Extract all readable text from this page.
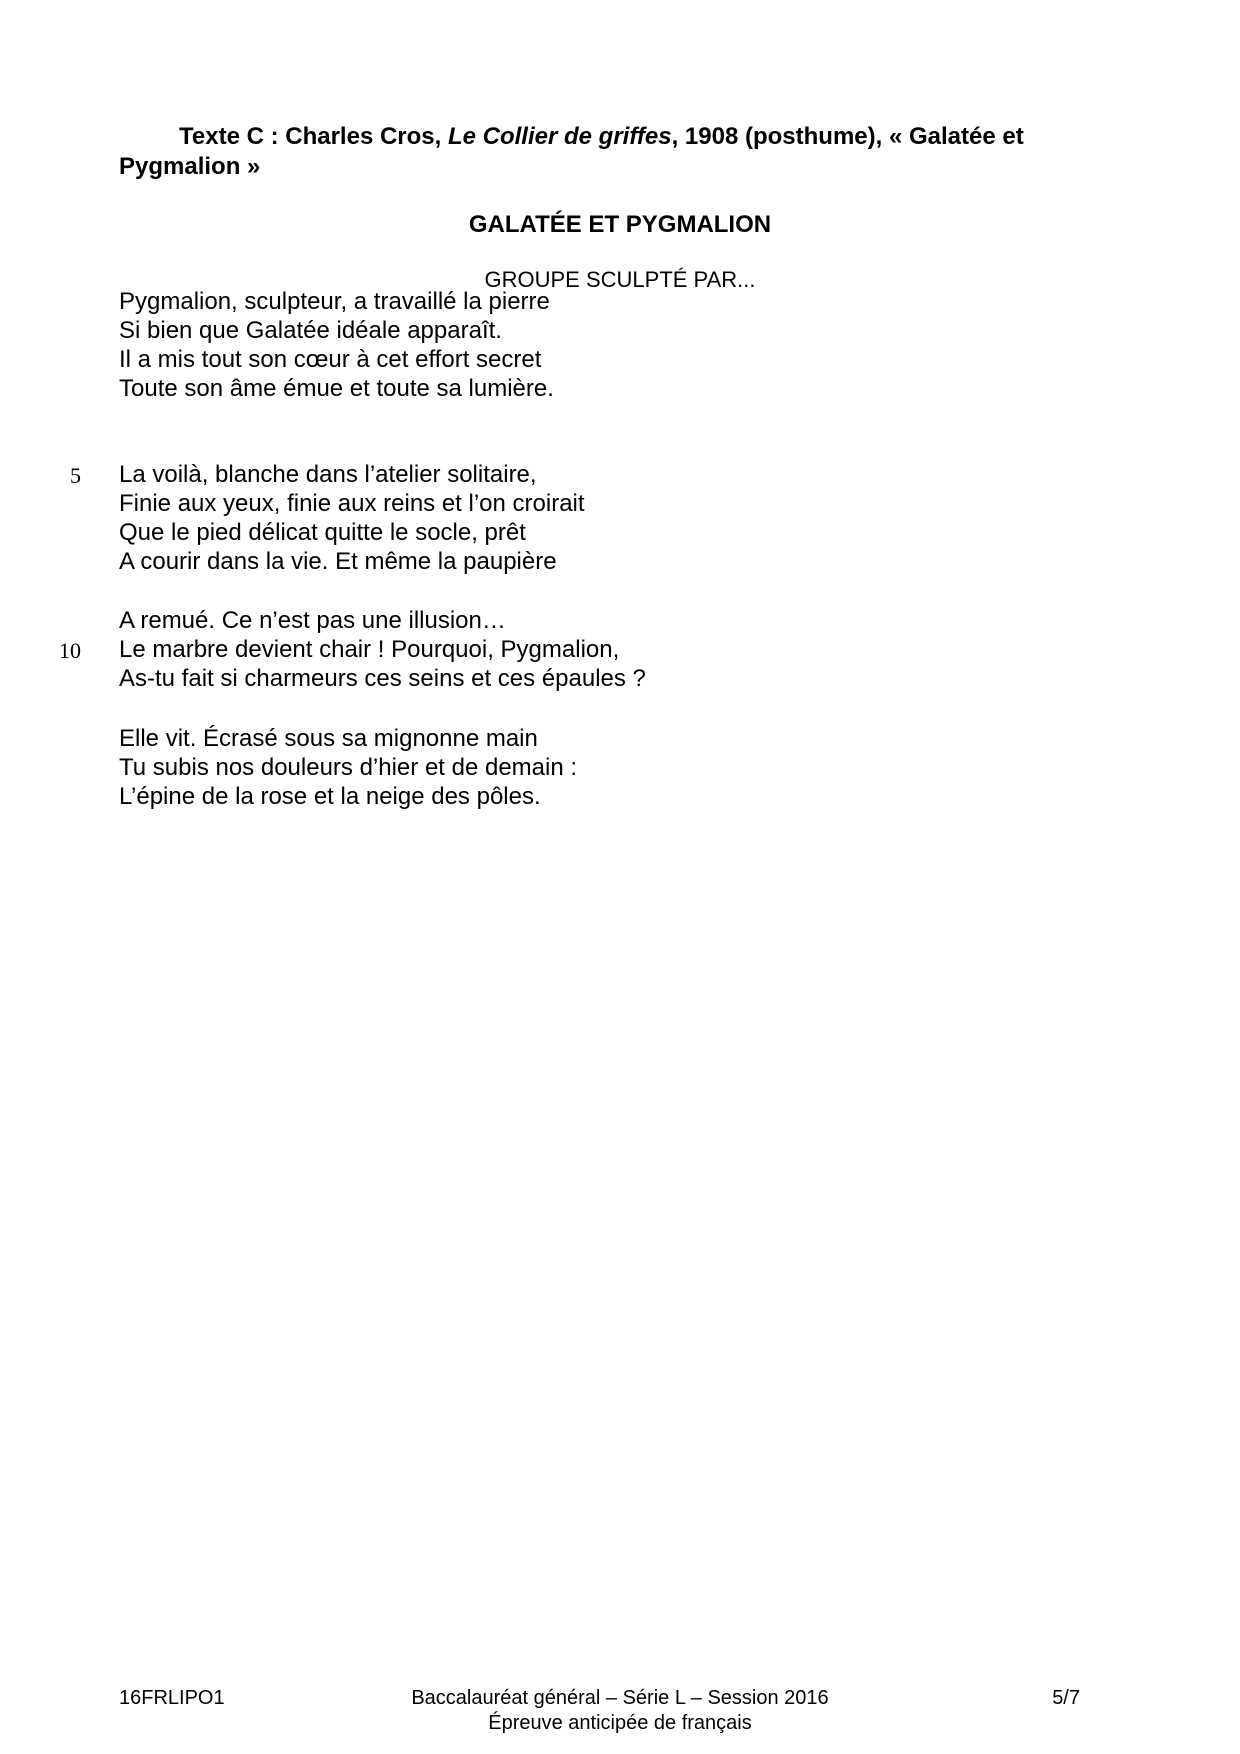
Texte C : Charles Cros, Le Collier de griffes, 1908 (posthume), « Galatée et Pygmalion »
GALATÉE ET PYGMALION
GROUPE SCULPTÉ PAR...
Pygmalion, sculpteur, a travaillé la pierre
Si bien que Galatée idéale apparaît.
Il a mis tout son cœur à cet effort secret
Toute son âme émue et toute sa lumière.
5 La voilà, blanche dans l’atelier solitaire,
Finie aux yeux, finie aux reins et l’on croirait
Que le pied délicat quitte le socle, prêt
A courir dans la vie. Et même la paupière
A remué. Ce n’est pas une illusion…
10 Le marbre devient chair ! Pourquoi, Pygmalion,
As-tu fait si charmeurs ces seins et ces épaules ?
Elle vit. Écrasé sous sa mignonne main
Tu subis nos douleurs d’hier et de demain :
L’épine de la rose et la neige des pôles.
16FRLIPO1	Baccalauréat général – Série L – Session 2016
Épreuve anticipée de français
5/7
